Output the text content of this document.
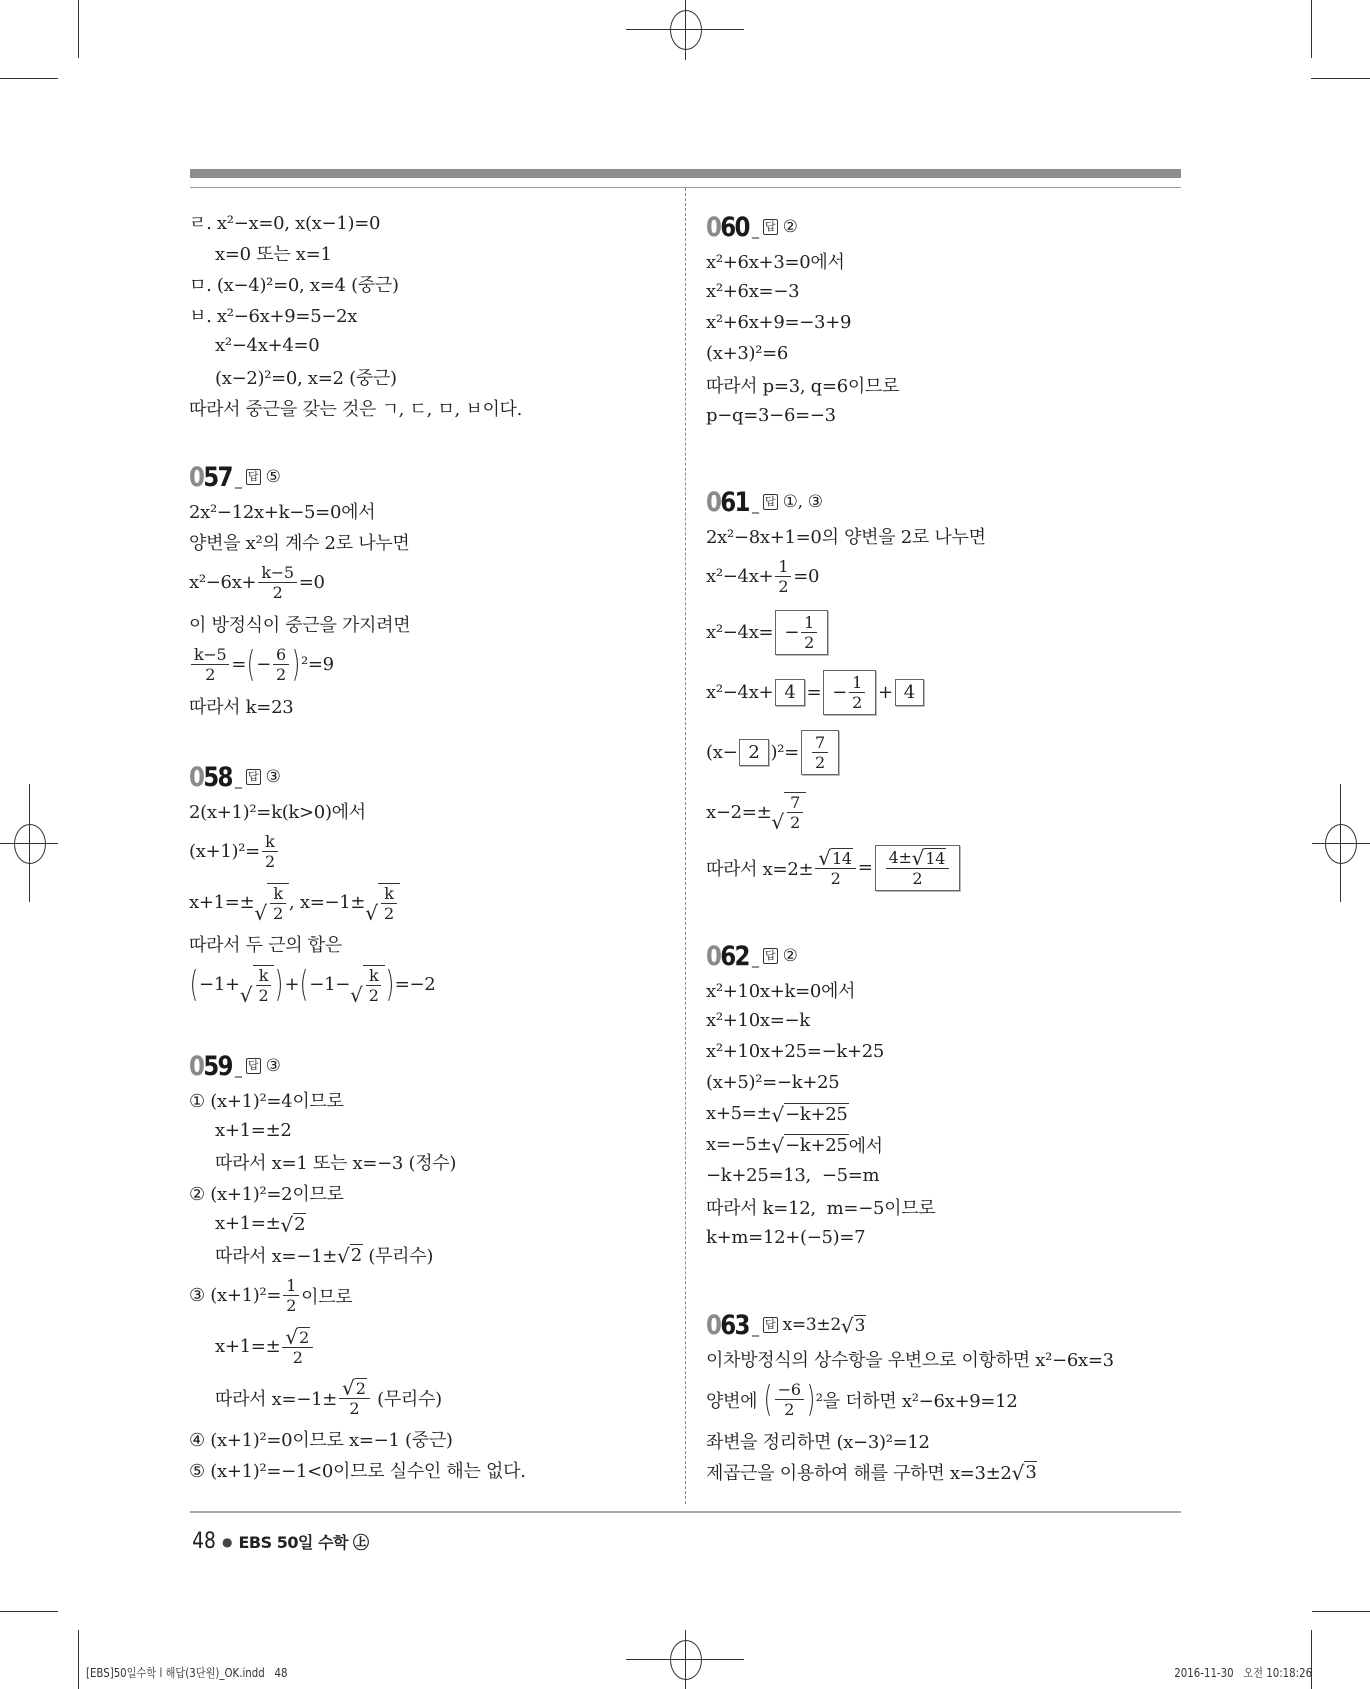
ㄹ. x²−x=0, x(x−1)=0
x=0 또는 x=1
ㅁ. (x−4)²=0, x=4 (중근)
ㅂ. x²−6x+9=5−2x
x²−4x+4=0
(x−2)²=0, x=2 (중근)
따라서 중근을 갖는 것은 ㄱ, ㄷ, ㅁ, ㅂ이다.
057 _ 답 ⑤
2x²−12x+k−5=0에서
양변을 x²의 계수 2로 나누면
$x^2-6x+ \frac{k-5}{2} =0$
이 방정식이 중근을 가지려면
$\frac{k-5}{2}$ = ( − $\frac{6}{2}$ ) ²=9
따라서 k=23
058 _ 답 ③
2(x+1)²=k(k>0)에서
$(x+1)^2= \frac{k}{2}$
x+1=± √ $\frac{k}{2}$ , x=−1± √ $\frac{k}{2}$
따라서 두 근의 합은
( −1+ √ $\frac{k}{2}$ ) + ( −1− √ $\frac{k}{2}$ ) =−2
059 _ 답 ③
① (x+1)²=4이므로
x+1=±2
따라서 x=1 또는 x=−3 (정수)
② (x+1)²=2이므로
x+1=± √ 2
따라서 x=−1± √ 2 (무리수)
③ $(x+1)^2= \frac{1}{2}$ 이므로
$x+1=\pm \frac{√ 2}{2}$
따라서 $x=-1\pm \frac{√ 2}{2}$ (무리수)
④ (x+1)²=0이므로 x=−1 (중근)
⑤ (x+1)²=−1<0이므로 실수인 해는 없다.
060 _ 답 ②
x²+6x+3=0에서
x²+6x=−3
x²+6x+9=−3+9
(x+3)²=6
따라서 p=3, q=6이므로
p−q=3−6=−3
061 _ 답 ①, ③
2x²−8x+1=0의 양변을 2로 나누면
$x^2-4x+ \frac{1}{2} =0$
$x^2-4x= - \frac{1}{2}$
x²−4x+ 4 = − $\frac{1}{2} + 4$
(x− 2 )$^2= \frac{7}{2}$
x−2=± √ $\frac{7}{2}$
따라서 $x=2\pm \frac{√ 14}{2} = \frac{4\pm √ 14}{2}$
062 _ 답 ②
x²+10x+k=0에서
x²+10x=−k
x²+10x+25=−k+25
(x+5)²=−k+25
x+5=± √ −k+25
x=−5± √ −k+25 에서
−k+25=13,  −5=m
따라서 k=12,  m=−5이므로
k+m=12+(−5)=7
063 _ 답 x=3±2 √ 3
이차방정식의 상수항을 우변으로 이항하면 x²−6x=3
양변에 ( $\frac{-6}{2}$ ) ²을 더하면 x²−6x+9=12
좌변을 정리하면 (x−3)²=12
제곱근을 이용하여 해를 구하면 x=3±2 √ 3
48 ● EBS 50일 수학 ㊤
[EBS]50일수학 l 해답(3단원)_OK.indd   48	2016-11-30   오전 10:18:26
